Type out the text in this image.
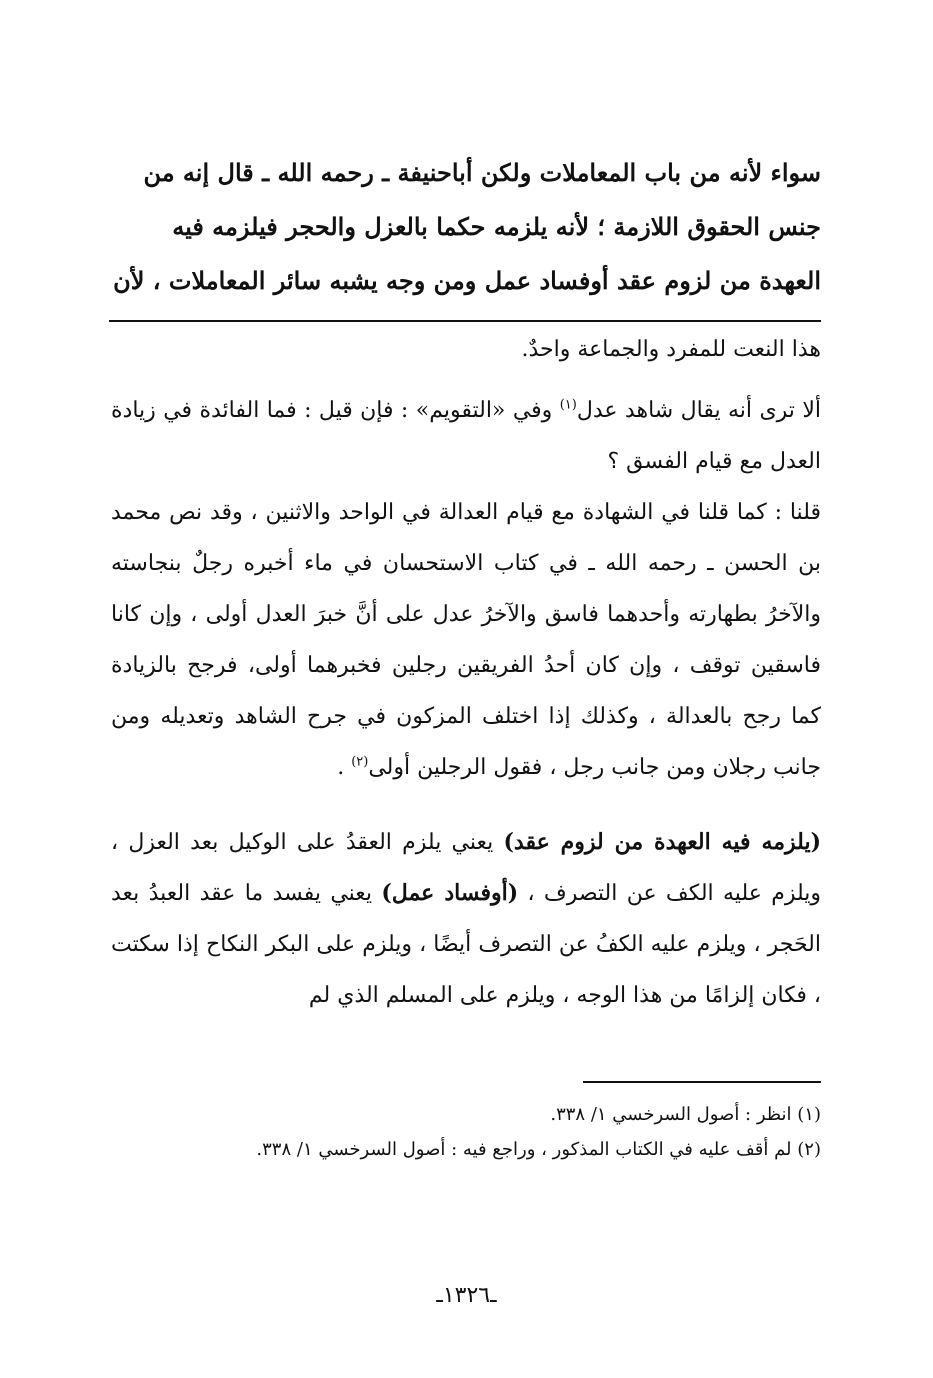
سواء لأنه من باب المعاملات ولكن أباحنيفة ـ رحمه الله ـ قال إنه من

جنس الحقوق اللازمة ؛ لأنه يلزمه حكما بالعزل والحجر فيلزمه فيه

العهدة من لزوم عقد أوفساد عمل ومن وجه يشبه سائر المعاملات ، لأن

هذا النعت للمفرد والجماعة واحدٌ.

ألا ترى أنه يقال شاهد عدل$^{(١)}$ وفي «التقويم» : فإن قيل : فما الفائدة في زيادة العدل مع قيام الفسق ؟

قلنا : كما قلنا في الشهادة مع قيام العدالة في الواحد والاثنين ، وقد نص محمد بن الحسن ـ رحمه الله ـ في كتاب الاستحسان في ماء أخبره رجلٌ بنجاسته والآخرُ بطهارته وأحدهما فاسق والآخرُ عدل على أنَّ خبرَ العدل أولى ، وإن كانا فاسقين توقف ، وإن كان أحدُ الفريقين رجلين فخبرهما أولى، فرجح بالزيادة كما رجح بالعدالة ، وكذلك إذا اختلف المزكون في جرح الشاهد وتعديله ومن جانب رجلان ومن جانب رجل ، فقول الرجلين أولى$^{(٢)}$ .

(يلزمه فيه العهدة من لزوم عقد) يعني يلزم العقدُ على الوكيل بعد العزل ، ويلزم عليه الكف عن التصرف ، (أوفساد عمل) يعني يفسد ما عقد العبدُ بعد الحَجر ، ويلزم عليه الكفُ عن التصرف أيضًا ، ويلزم على البكر النكاح إذا سكتت ، فكان إلزامًا من هذا الوجه ، ويلزم على المسلم الذي لم

(١) انظر : أصول السرخسي ١/ ٣٣٨.

(٢) لم أقف عليه في الكتاب المذكور ، وراجع فيه : أصول السرخسي ١/ ٣٣٨.

ـ١٣٢٦ـ
